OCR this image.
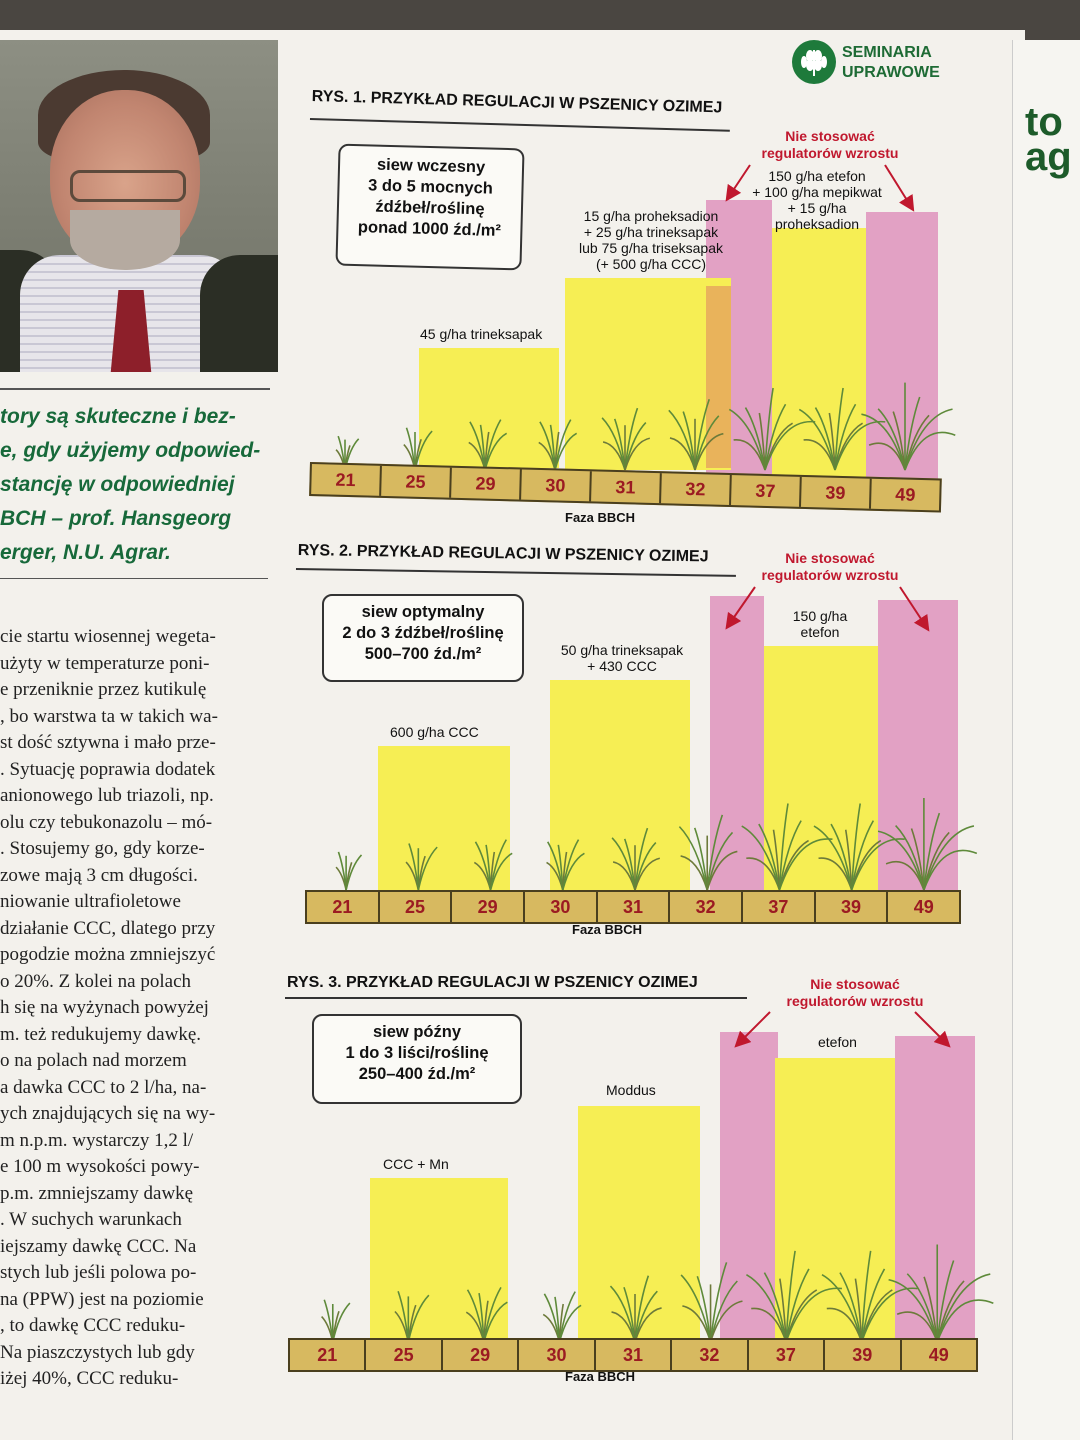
to
ag
tory są skuteczne i bez-
e, gdy użyjemy odpowied-
stancję w odpowiedniej
BCH – prof. Hansgeorg
erger, N.U. Agrar.
cie startu wiosennej wegeta-
użyty w temperaturze poni-
e przeniknie przez kutikulę
, bo warstwa ta w takich wa-
st dość sztywna i mało prze-
. Sytuację poprawia dodatek
anionowego lub triazoli, np.
olu czy tebukonazolu – mó-
. Stosujemy go, gdy korze-
zowe mają 3 cm długości.
niowanie ultrafioletowe
działanie CCC, dlatego przy
pogodzie można zmniejszyć
o 20%. Z kolei na polach
h się na wyżynach powyżej
m. też redukujemy dawkę.
o na polach nad morzem
a dawka CCC to 2 l/ha, na-
ych znajdujących się na wy-
m n.p.m. wystarczy 1,2 l/
e 100 m wysokości powy-
p.m. zmniejszamy dawkę
. W suchych warunkach
iejszamy dawkę CCC. Na
stych lub jeśli polowa po-
na (PPW) jest na poziomie
, to dawkę CCC reduku-
Na piaszczystych lub gdy
iżej 40%, CCC reduku-
SEMINARIA
UPRAWOWE
RYS. 1. PRZYKŁAD REGULACJI W PSZENICY OZIMEJ
siew wczesny
3 do 5 mocnych
źdźbeł/roślinę
ponad 1000 źd./m²
Nie stosować
regulatorów wzrostu
45 g/ha trineksapak
15 g/ha proheksadion
+ 25 g/ha trineksapak
lub 75 g/ha triseksapak
(+ 500 g/ha CCC)
150 g/ha etefon
+ 100 g/ha mepikwat
+ 15 g/ha
proheksadion
21	25	29	30	31	32	37	39	49
Faza BBCH
RYS. 2. PRZYKŁAD REGULACJI W PSZENICY OZIMEJ
siew optymalny
2 do 3 źdźbeł/roślinę
500–700 źd./m²
Nie stosować
regulatorów wzrostu
600 g/ha CCC
50 g/ha trineksapak
+ 430 CCC
150 g/ha
etefon
21	25	29	30	31	32	37	39	49
Faza BBCH
RYS. 3. PRZYKŁAD REGULACJI W PSZENICY OZIMEJ
siew późny
1 do 3 liści/roślinę
250–400 źd./m²
Nie stosować
regulatorów wzrostu
CCC + Mn
Moddus
etefon
21	25	29	30	31	32	37	39	49
Faza BBCH
